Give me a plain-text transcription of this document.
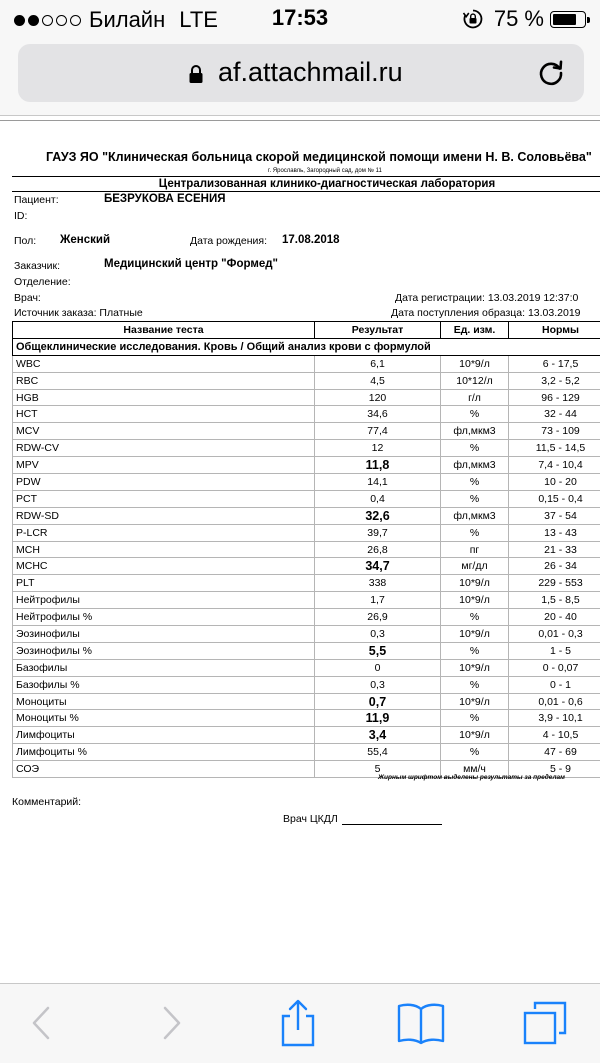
Билайн LTE	17:53	75 %
af.attachmail.ru
ГАУЗ ЯО "Клиническая больница скорой медицинской помощи имени Н. В. Соловьёва"
г. Ярославль, Загородный сад, дом № 11
Централизованная клинико-диагностическая лаборатория
Пациент:	БЕЗРУКОВА ЕСЕНИЯ
ID:
Пол: Женский	Дата рождения: 17.08.2018
Заказчик:	Медицинский центр "Формед"
Отделение:
Врач:	Дата регистрации: 13.03.2019 12:37:0
Источник заказа: Платные	Дата поступления образца: 13.03.2019
Название теста	Результат	Ед. изм.	Нормы
Общеклинические исследования. Кровь / Общий анализ крови с формулой			
WBC	6,1	10*9/л	6 - 17,5
RBC	4,5	10*12/л	3,2 - 5,2
HGB	120	г/л	96 - 129
HCT	34,6	%	32 - 44
MCV	77,4	фл,мкм3	73 - 109
RDW-CV	12	%	11,5 - 14,5
MPV	11,8	фл,мкм3	7,4 - 10,4
PDW	14,1	%	10 - 20
PCT	0,4	%	0,15 - 0,4
RDW-SD	32,6	фл,мкм3	37 - 54
P-LCR	39,7	%	13 - 43
MCH	26,8	пг	21 - 33
MCHC	34,7	мг/дл	26 - 34
PLT	338	10*9/л	229 - 553
Нейтрофилы	1,7	10*9/л	1,5 - 8,5
Нейтрофилы %	26,9	%	20 - 40
Эозинофилы	0,3	10*9/л	0,01 - 0,3
Эозинофилы %	5,5	%	1 - 5
Базофилы	0	10*9/л	0 - 0,07
Базофилы %	0,3	%	0 - 1
Моноциты	0,7	10*9/л	0,01 - 0,6
Моноциты %	11,9	%	3,9 - 10,1
Лимфоциты	3,4	10*9/л	4 - 10,5
Лимфоциты %	55,4	%	47 - 69
СОЭ	5	мм/ч	5 - 9
Жирным шрифтом выделены результаты за пределам
Комментарий:
Врач ЦКДЛ
